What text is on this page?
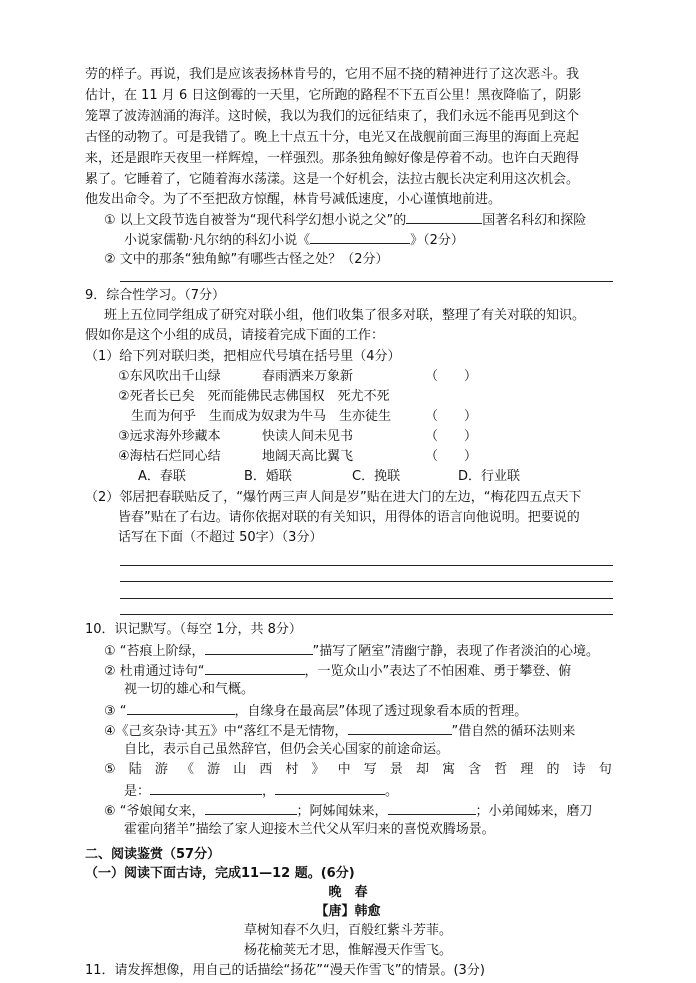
劳的样子。再说，我们是应该表扬林肯号的，它用不屈不挠的精神进行了这次恶斗。我
估计，在 11 月 6 日这倒霉的一天里，它所跑的路程不下五百公里！黑夜降临了，阴影
笼罩了波涛汹涌的海洋。这时候，我以为我们的远征结束了，我们永远不能再见到这个
古怪的动物了。可是我错了。晚上十点五十分，电光又在战舰前面三海里的海面上亮起
来，还是跟昨天夜里一样辉煌，一样强烈。那条独角鲸好像是停着不动。也许白天跑得
累了。它睡着了，它随着海水荡漾。这是一个好机会，法拉古舰长决定利用这次机会。
他发出命令。为了不至把敌方惊醒，林肯号减低速度，小心谨慎地前进。
① 以上文段节选自被誉为“现代科学幻想小说之父”的	国著名科幻和探险
小说家儒勒·凡尔纳的科幻小说《	》（2分）
② 文中的那条“独角鲸”有哪些古怪之处？（2分）
9．综合性学习。（7分）
班上五位同学组成了研究对联小组，他们收集了很多对联，整理了有关对联的知识。
假如你是这个小组的成员，请接着完成下面的工作：
（1）给下列对联归类，把相应代号填在括号里（4分）
①东风吹出千山绿	春雨洒来万象新	（　　）
②死者长已矣　死而能佛民志佛国权　死尤不死
　生而为何乎　生而成为奴隶为牛马　生亦徒生	（　　）
③远求海外珍藏本	快读人间未见书	（　　）
④海枯石烂同心结	地阔天高比翼飞	（　　）
A．春联	B．婚联	C．挽联	D．行业联
（2）邻居把春联贴反了，“爆竹两三声人间是岁”贴在进大门的左边，“梅花四五点天下
皆春”贴在了右边。请你依据对联的有关知识，用得体的语言向他说明。把要说的
话写在下面（不超过 50字）（3分）
10．识记默写。（每空 1分，共 8分）
① “苔痕上阶绿，	”描写了陋室”清幽宁静，表现了作者淡泊的心境。
② 杜甫通过诗句“	，一览众山小”表达了不怕困难、勇于攀登、俯
视一切的雄心和气概。
③ “	，自缘身在最高层”体现了透过现象看本质的哲理。
④《己亥杂诗·其五》中“落红不是无情物，	”借自然的循环法则来
自比，表示自己虽然辞官，但仍会关心国家的前途命运。
⑤ 陆 游 《 游 山 西 村 》 中 写 景 却 寓 含 哲 理 的 诗 句
是：	，	。
⑥ “爷娘闻女来，	；阿姊闻妹来，	；小弟闻姊来，磨刀
霍霍向猪羊”描绘了家人迎接木兰代父从军归来的喜悦欢腾场景。
二、阅读鉴赏（57分）
（一）阅读下面古诗，完成11—12 题。(6分)
晚　春
【唐】韩愈
草树知春不久归，百般红紫斗芳菲。
杨花榆荚无才思，惟解漫天作雪飞。
11．请发挥想像，用自己的话描绘“扬花”“漫天作雪飞”的情景。(3分)
